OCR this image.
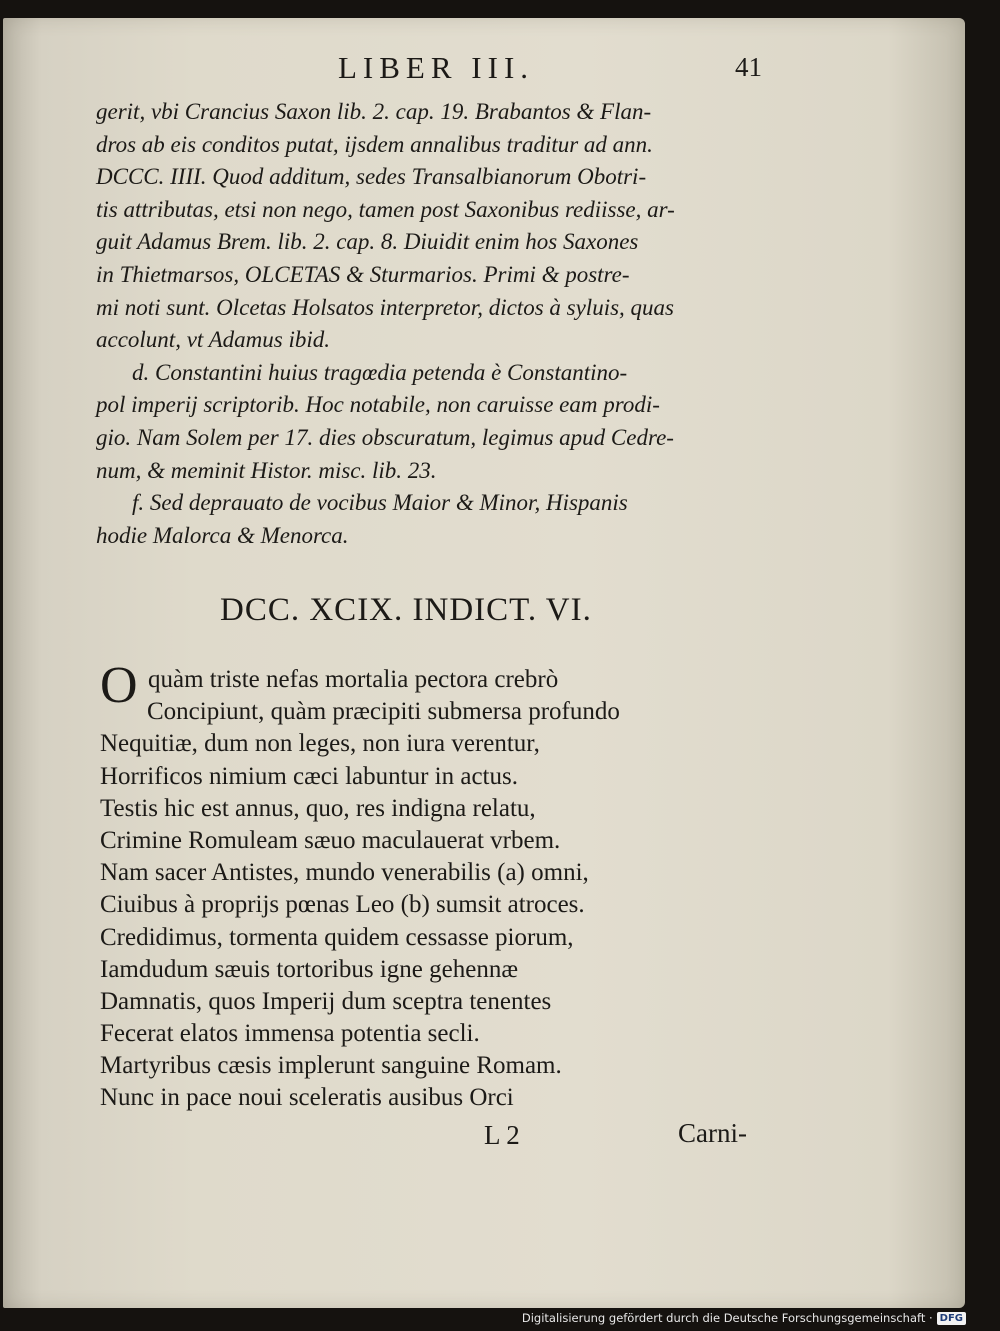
LIBER III.	41
gerit, vbi Crancius Saxon lib. 2. cap. 19. Brabantos & Flan-
dros ab eis conditos putat, ijsdem annalibus traditur ad ann.
DCCC. IIII. Quod additum, sedes Transalbianorum Obotri-
tis attributas, etsi non nego, tamen post Saxonibus rediisse, ar-
guit Adamus Brem. lib. 2. cap. 8. Diuidit enim hos Saxones
in Thietmarsos, OLCETAS & Sturmarios. Primi & postre-
mi noti sunt. Olcetas Holsatos interpretor, dictos à syluis, quas
accolunt, vt Adamus ibid.
d. Constantini huius tragœdia petenda è Constantino-
pol imperij scriptorib. Hoc notabile, non caruisse eam prodi-
gio. Nam Solem per 17. dies obscuratum, legimus apud Cedre-
num, & meminit Histor. misc. lib. 23.
f. Sed deprauato de vocibus Maior & Minor, Hispanis
hodie Malorca & Menorca.
DCC. XCIX. INDICT. VI.
O quàm triste nefas mortalia pectora crebrò
Concipiunt, quàm præcipiti submersa profundo
Nequitiæ, dum non leges, non iura verentur,
Horrificos nimium cæci labuntur in actus.
Testis hic est annus, quo, res indigna relatu,
Crimine Romuleam sæuo maculauerat vrbem.
Nam sacer Antistes, mundo venerabilis (a) omni,
Ciuibus à proprijs pœnas Leo (b) sumsit atroces.
Credidimus, tormenta quidem cessasse piorum,
Iamdudum sæuis tortoribus igne gehennæ
Damnatis, quos Imperij dum sceptra tenentes
Fecerat elatos immensa potentia secli.
Martyribus cæsis implerunt sanguine Romam.
Nunc in pace noui sceleratis ausibus Orci
L 2	Carni-
Digitalisierung gefördert durch die Deutsche Forschungsgemeinschaft · DFG
